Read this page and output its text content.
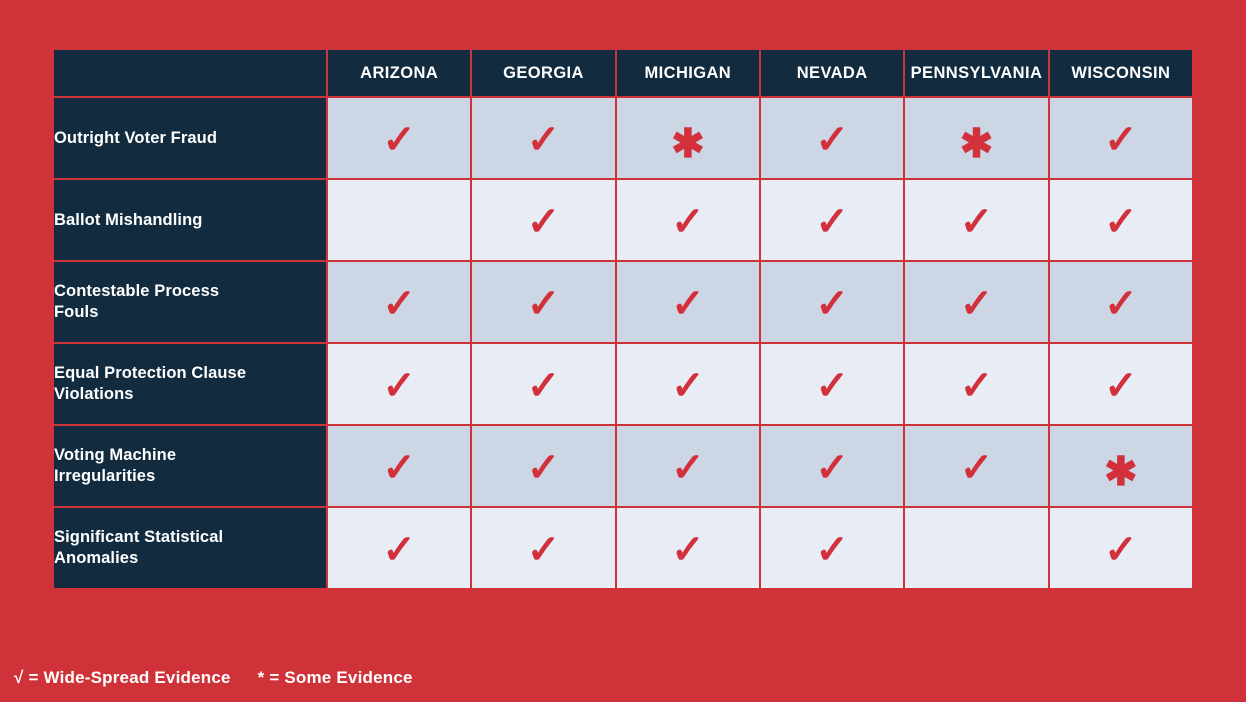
	ARIZONA	GEORGIA	MICHIGAN	NEVADA	PENNSYLVANIA	WISCONSIN
Outright Voter Fraud	✓	✓	✱	✓	✱	✓
Ballot Mishandling		✓	✓	✓	✓	✓
Contestable Process
Fouls	✓	✓	✓	✓	✓	✓
Equal Protection Clause
Violations	✓	✓	✓	✓	✓	✓
Voting Machine
Irregularities	✓	✓	✓	✓	✓	✱
Significant Statistical
Anomalies	✓	✓	✓	✓		✓
√ = Wide-Spread Evidence * = Some Evidence
